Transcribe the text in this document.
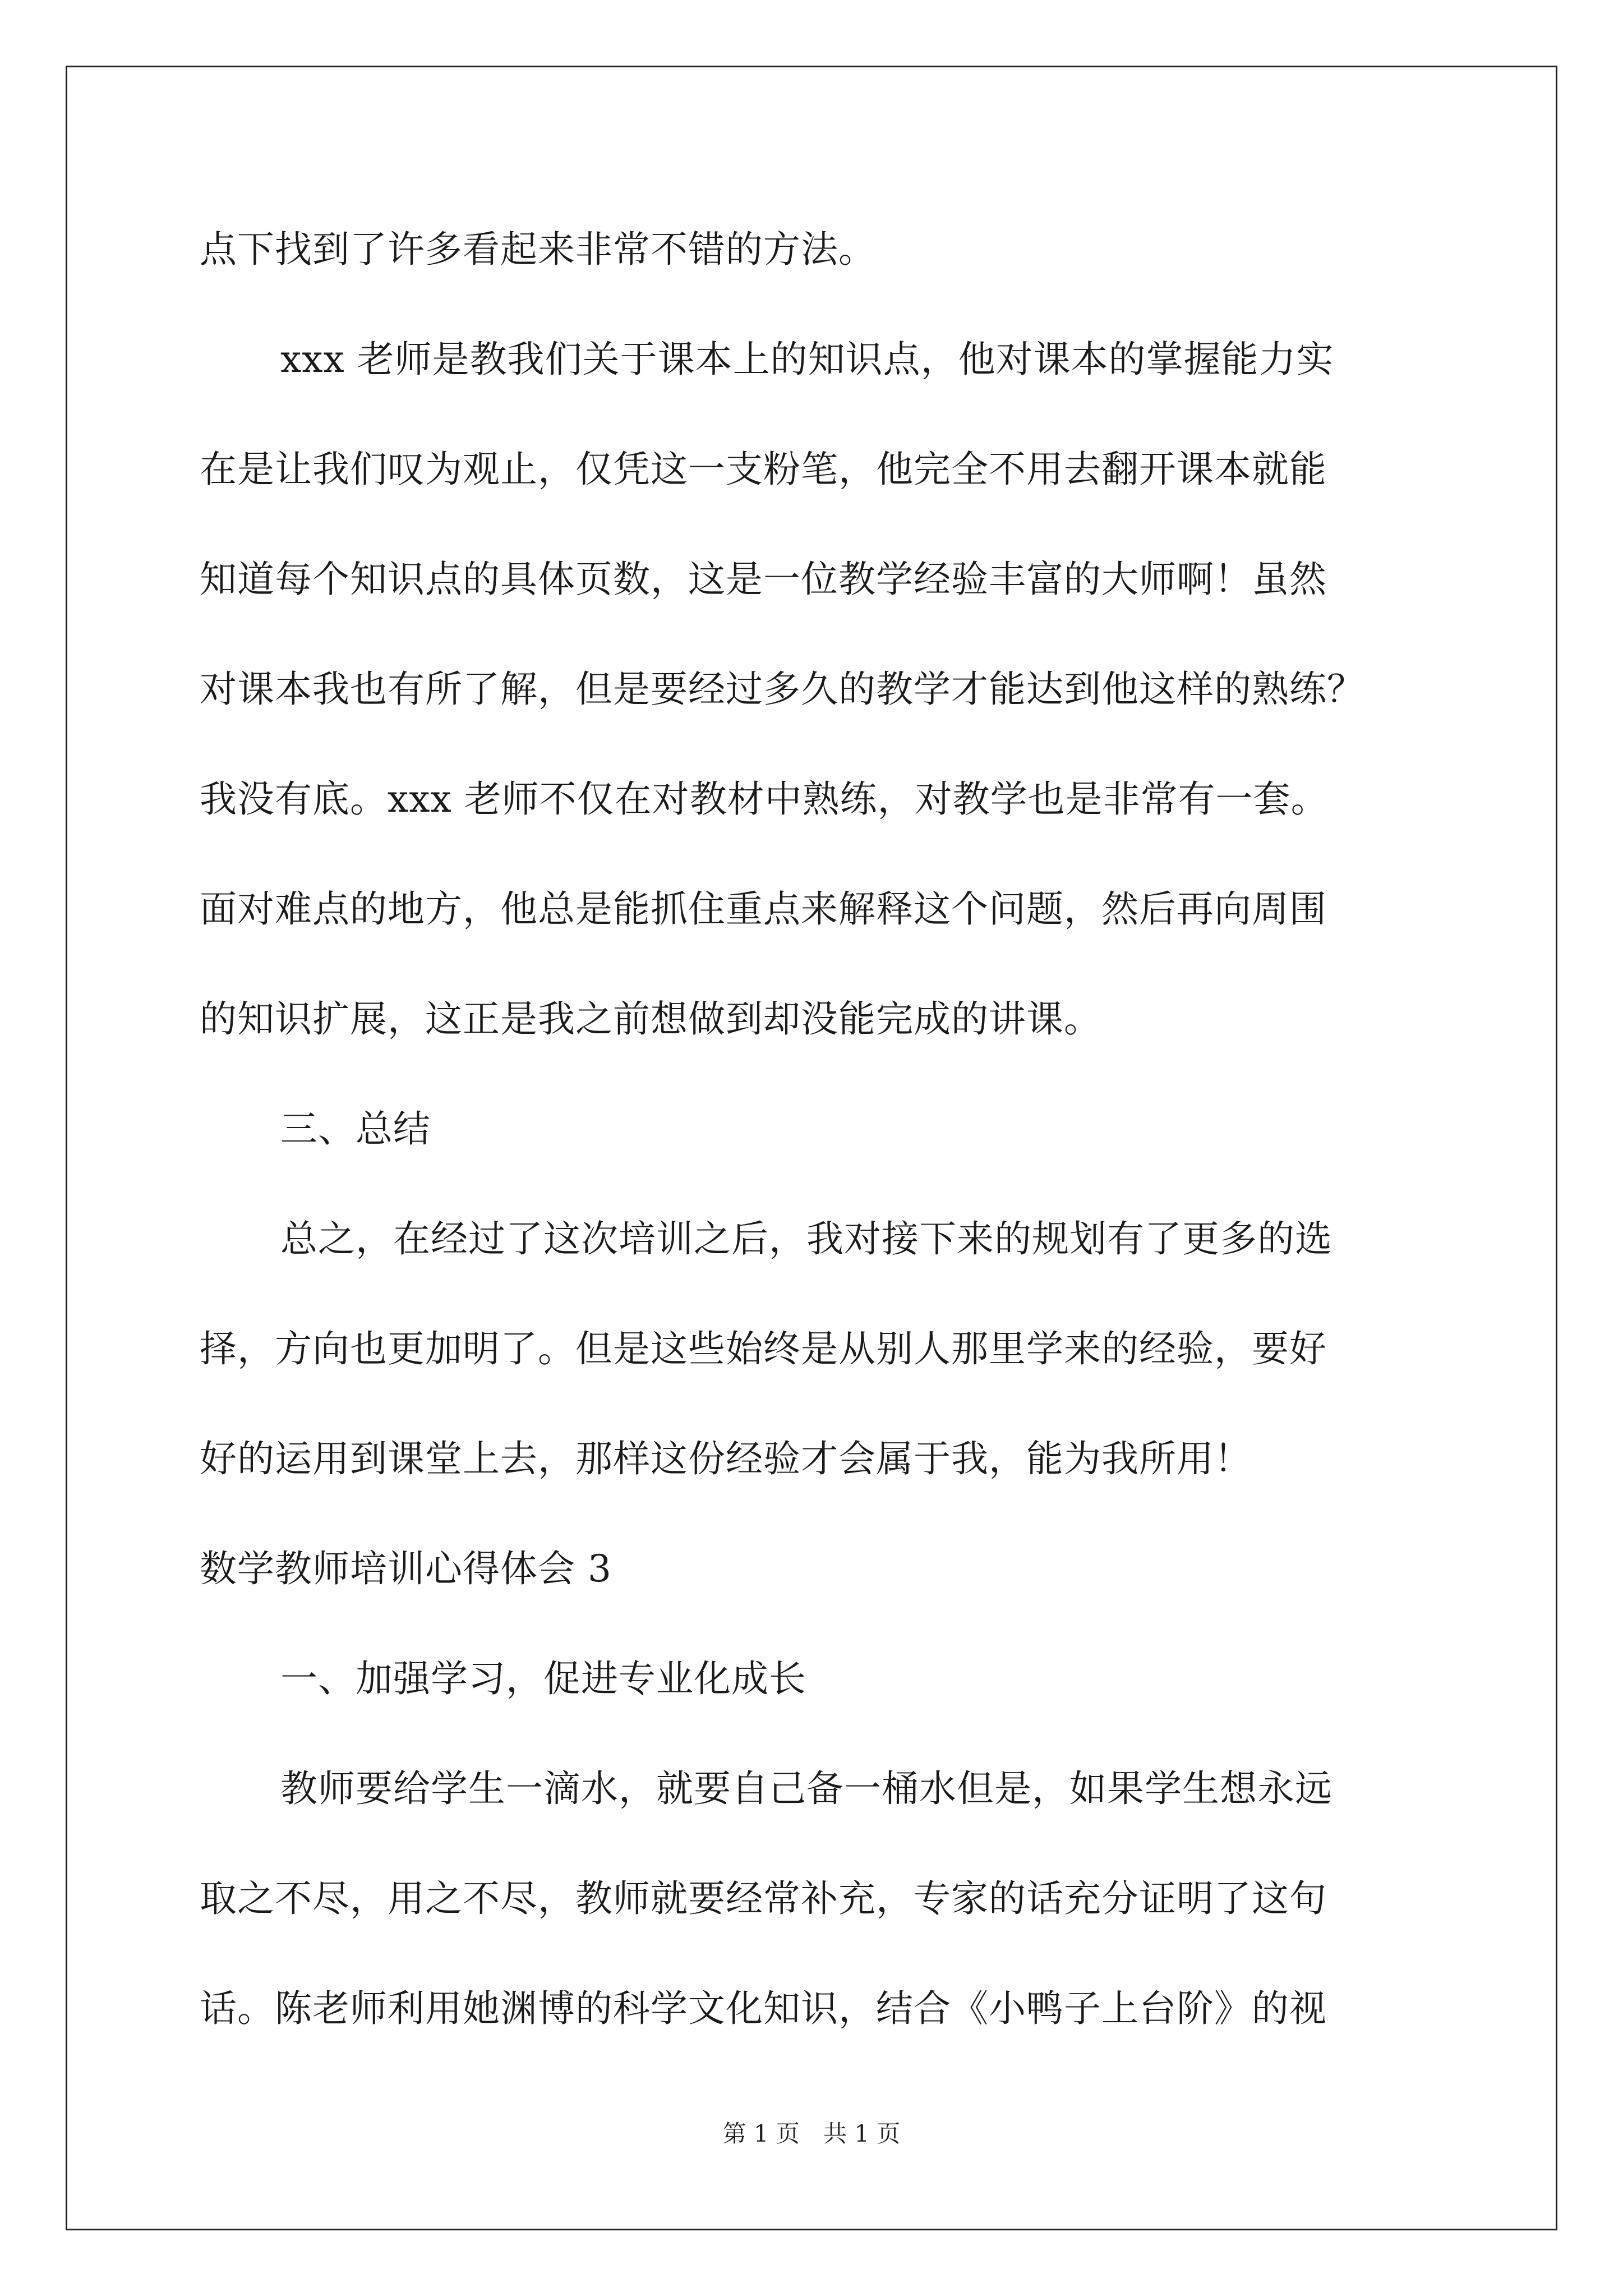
点下找到了许多看起来非常不错的方法。
xxx 老师是教我们关于课本上的知识点，他对课本的掌握能力实
在是让我们叹为观止，仅凭这一支粉笔，他完全不用去翻开课本就能
知道每个知识点的具体页数，这是一位教学经验丰富的大师啊！虽然
对课本我也有所了解，但是要经过多久的教学才能达到他这样的熟练？
我没有底。xxx 老师不仅在对教材中熟练，对教学也是非常有一套。
面对难点的地方，他总是能抓住重点来解释这个问题，然后再向周围
的知识扩展，这正是我之前想做到却没能完成的讲课。
三、总结
总之，在经过了这次培训之后，我对接下来的规划有了更多的选
择，方向也更加明了。但是这些始终是从别人那里学来的经验，要好
好的运用到课堂上去，那样这份经验才会属于我，能为我所用！
数学教师培训心得体会 3
一、加强学习，促进专业化成长
教师要给学生一滴水，就要自己备一桶水但是，如果学生想永远
取之不尽，用之不尽，教师就要经常补充，专家的话充分证明了这句
话。陈老师利用她渊博的科学文化知识，结合《小鸭子上台阶》的视
第 1 页　共 1 页
